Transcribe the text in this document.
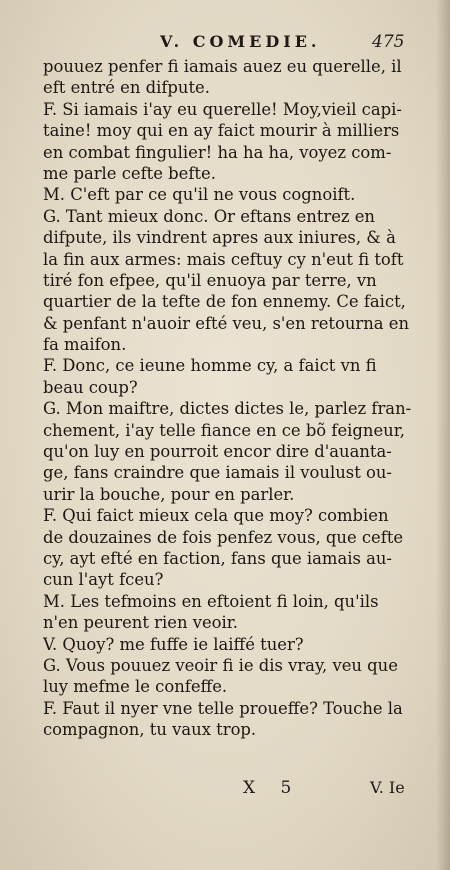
V. COMEDIE.	475
pouuez penfer fi iamais auez eu querelle, il
eft entré en difpute.
F. Si iamais i'ay eu querelle! Moy,vieil capi-
taine! moy qui en ay faict mourir à milliers
en combat fingulier! ha ha ha, voyez com-
me parle cefte befte.
M. C'eft par ce qu'il ne vous cognoift.
G. Tant mieux donc. Or eftans entrez en
difpute, ils vindrent apres aux iniures, & à
la fin aux armes: mais ceftuy cy n'eut fi toft
tiré fon efpee, qu'il enuoya par terre, vn
quartier de la tefte de fon ennemy. Ce faict,
& penfant n'auoir efté veu, s'en retourna en
fa maifon.
F. Donc, ce ieune homme cy, a faict vn fi
beau coup?
G. Mon maiftre, dictes dictes le, parlez fran-
chement, i'ay telle fiance en ce bõ feigneur,
qu'on luy en pourroit encor dire d'auanta-
ge, fans craindre que iamais il voulust ou-
urir la bouche, pour en parler.
F. Qui faict mieux cela que moy? combien
de douzaines de fois penfez vous, que cefte
cy, ayt efté en faction, fans que iamais au-
cun l'ayt fceu?
M. Les tefmoins en eftoient fi loin, qu'ils
n'en peurent rien veoir.
V. Quoy? me fuffe ie laiffé tuer?
G. Vous pouuez veoir fi ie dis vray, veu que
luy mefme le confeffe.
F. Faut il nyer vne telle proueffe? Touche la
compagnon, tu vaux trop.
X 5	V. Ie
